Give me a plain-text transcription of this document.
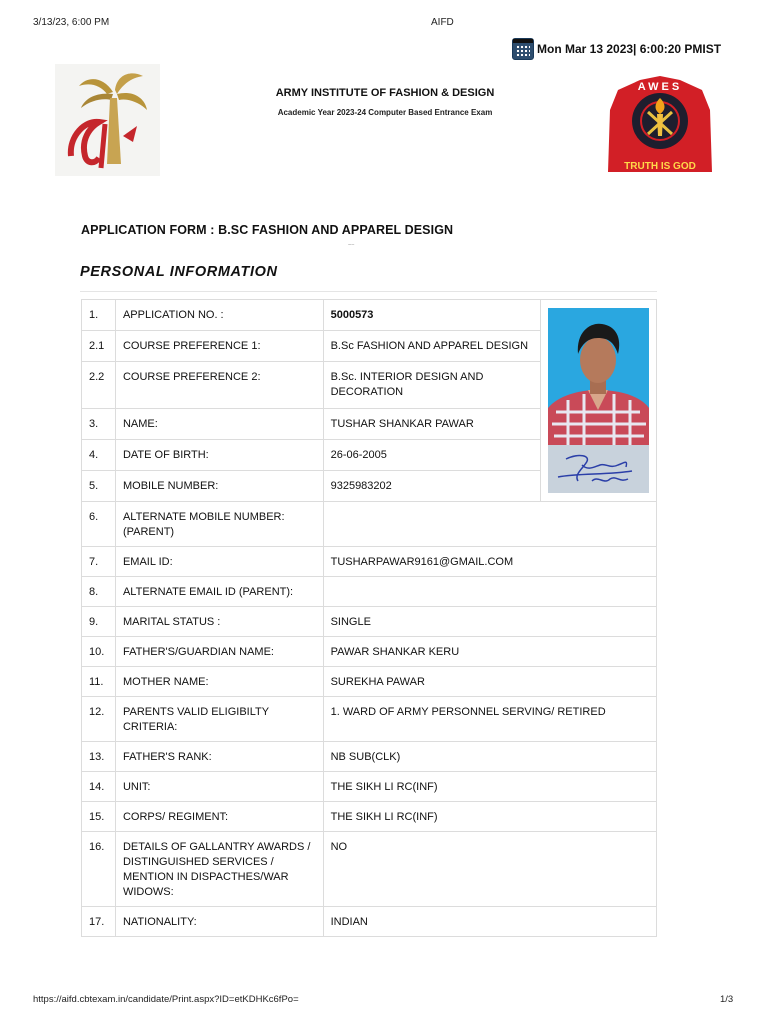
3/13/23, 6:00 PM	AIFD
Mon Mar 13 2023| 6:00:20 PMIST
ARMY INSTITUTE OF FASHION & DESIGN
Academic Year 2023-24 Computer Based Entrance Exam
AWES
TRUTH IS GOD
APPLICATION FORM : B.SC FASHION AND APPAREL DESIGN
PERSONAL INFORMATION
1.	APPLICATION NO. :	5000573	Tushar Pawar

2.1	COURSE PREFERENCE 1:	B.Sc FASHION AND APPAREL DESIGN	
2.2	COURSE PREFERENCE 2:	B.Sc. INTERIOR DESIGN AND DECORATION	
3.	NAME:	TUSHAR SHANKAR PAWAR	
4.	DATE OF BIRTH:	26-06-2005	
5.	MOBILE NUMBER:	9325983202	
6.	ALTERNATE MOBILE NUMBER: (PARENT)		
7.	EMAIL ID:	TUSHARPAWAR9161@GMAIL.COM	
8.	ALTERNATE EMAIL ID (PARENT):		
9.	MARITAL STATUS :	SINGLE	
10.	FATHER'S/GUARDIAN NAME:	PAWAR SHANKAR KERU	
11.	MOTHER NAME:	SUREKHA PAWAR	
12.	PARENTS VALID ELIGIBILTY CRITERIA:	1. WARD OF ARMY PERSONNEL SERVING/ RETIRED	
13.	FATHER'S RANK:	NB SUB(CLK)	
14.	UNIT:	THE SIKH LI RC(INF)	
15.	CORPS/ REGIMENT:	THE SIKH LI RC(INF)	
16.	DETAILS OF GALLANTRY AWARDS / DISTINGUISHED SERVICES / MENTION IN DISPACTHES/WAR WIDOWS:	NO	
17.	NATIONALITY:	INDIAN	
https://aifd.cbtexam.in/candidate/Print.aspx?ID=etKDHKc6fPo=	1/3
